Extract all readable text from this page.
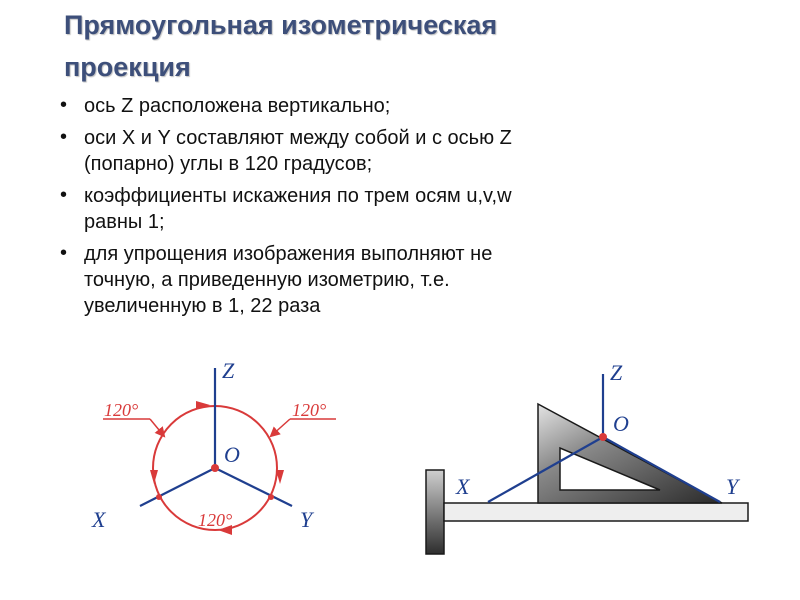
Прямоугольная изометрическая
проекция
• ось Z расположена вертикально;
• оси X и Y составляют между собой и с осью Z
(попарно) углы в 120 градусов;
• коэффициенты искажения по трем осям u,v,w
равны 1;
• для упрощения изображения выполняют не
точную, а приведенную изометрию, т.е.
увеличенную в 1, 22 раза
Z
O
X	Y
120°	120°
120°
Z
O
X	Y
